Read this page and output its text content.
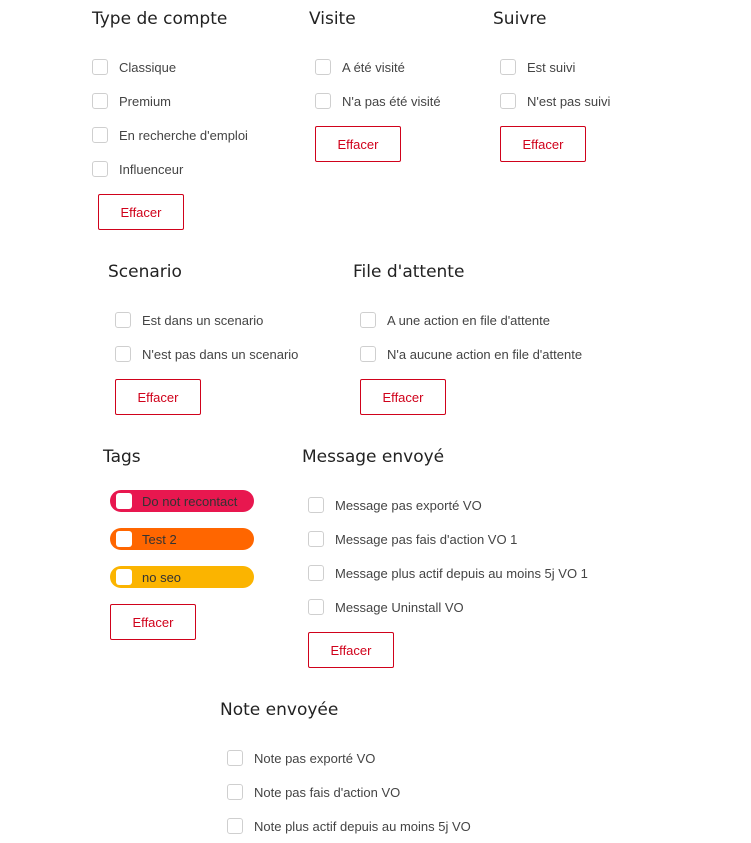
Type de compte
Classique
Premium
En recherche d'emploi
Influenceur
Effacer
Visite
A été visité
N'a pas été visité
Effacer
Suivre
Est suivi
N'est pas suivi
Effacer
Scenario
Est dans un scenario
N'est pas dans un scenario
Effacer
File d'attente
A une action en file d'attente
N'a aucune action en file d'attente
Effacer
Tags
Do not recontact
Test 2
no seo
Effacer
Message envoyé
Message pas exporté VO
Message pas fais d'action VO 1
Message plus actif depuis au moins 5j VO 1
Message Uninstall VO
Effacer
Note envoyée
Note pas exporté VO
Note pas fais d'action VO
Note plus actif depuis au moins 5j VO
